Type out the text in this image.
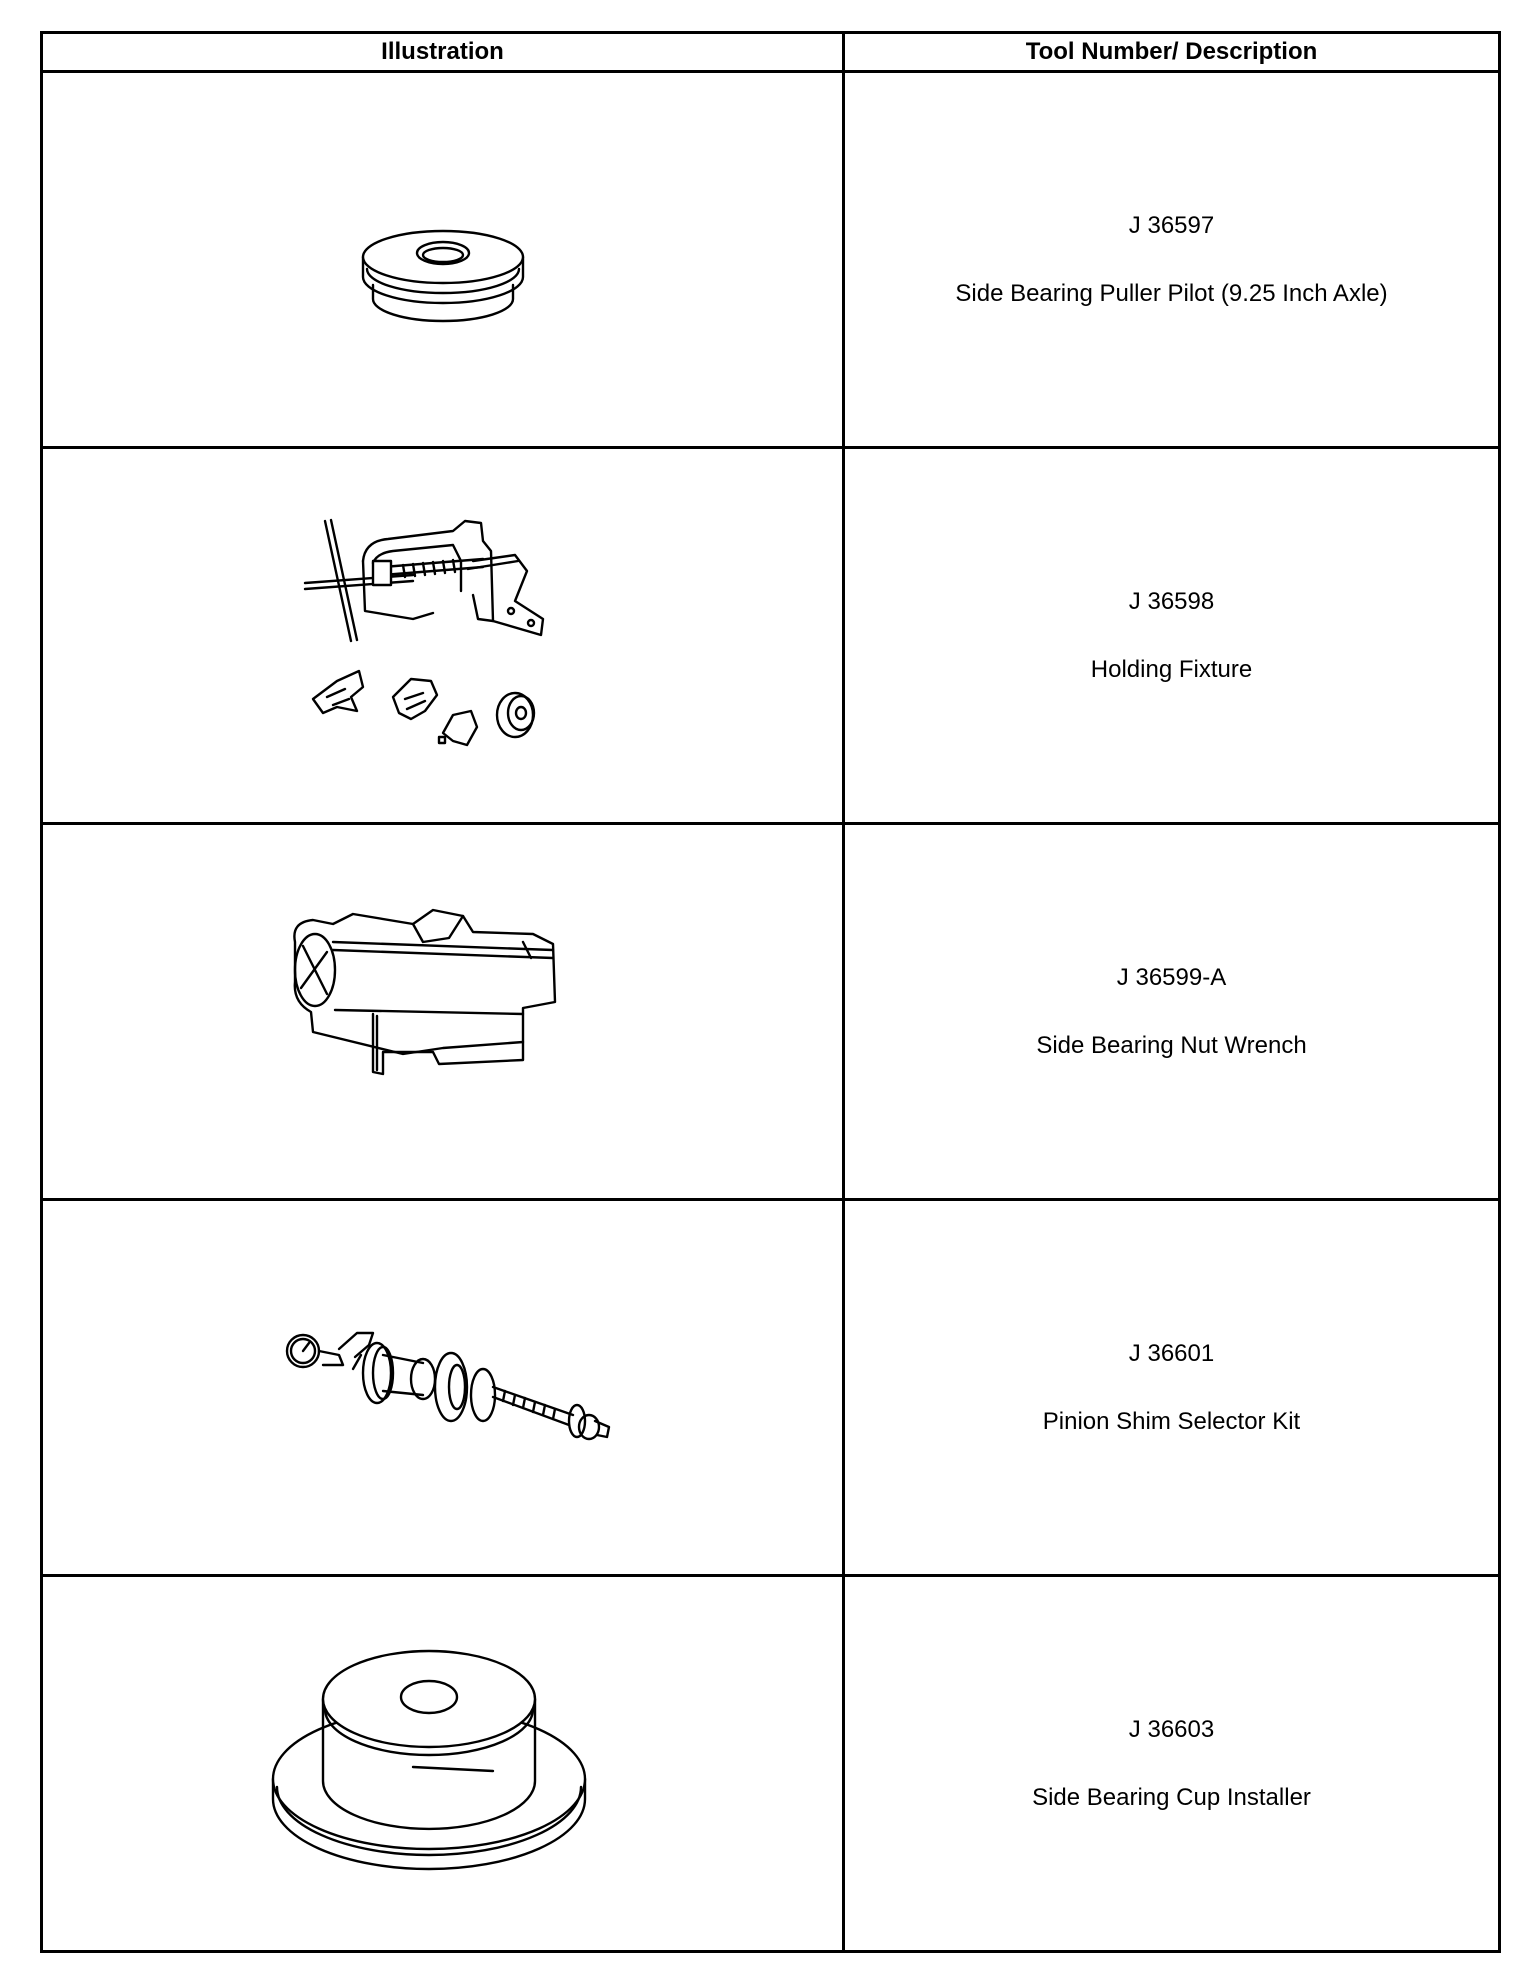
Illustration	Tool Number/ Description

J 36597
Side Bearing Puller Pilot (9.25 Inch Axle)

J 36598
Holding Fixture

J 36599-A
Side Bearing Nut Wrench

J 36601
Pinion Shim Selector Kit

J 36603
Side Bearing Cup Installer
